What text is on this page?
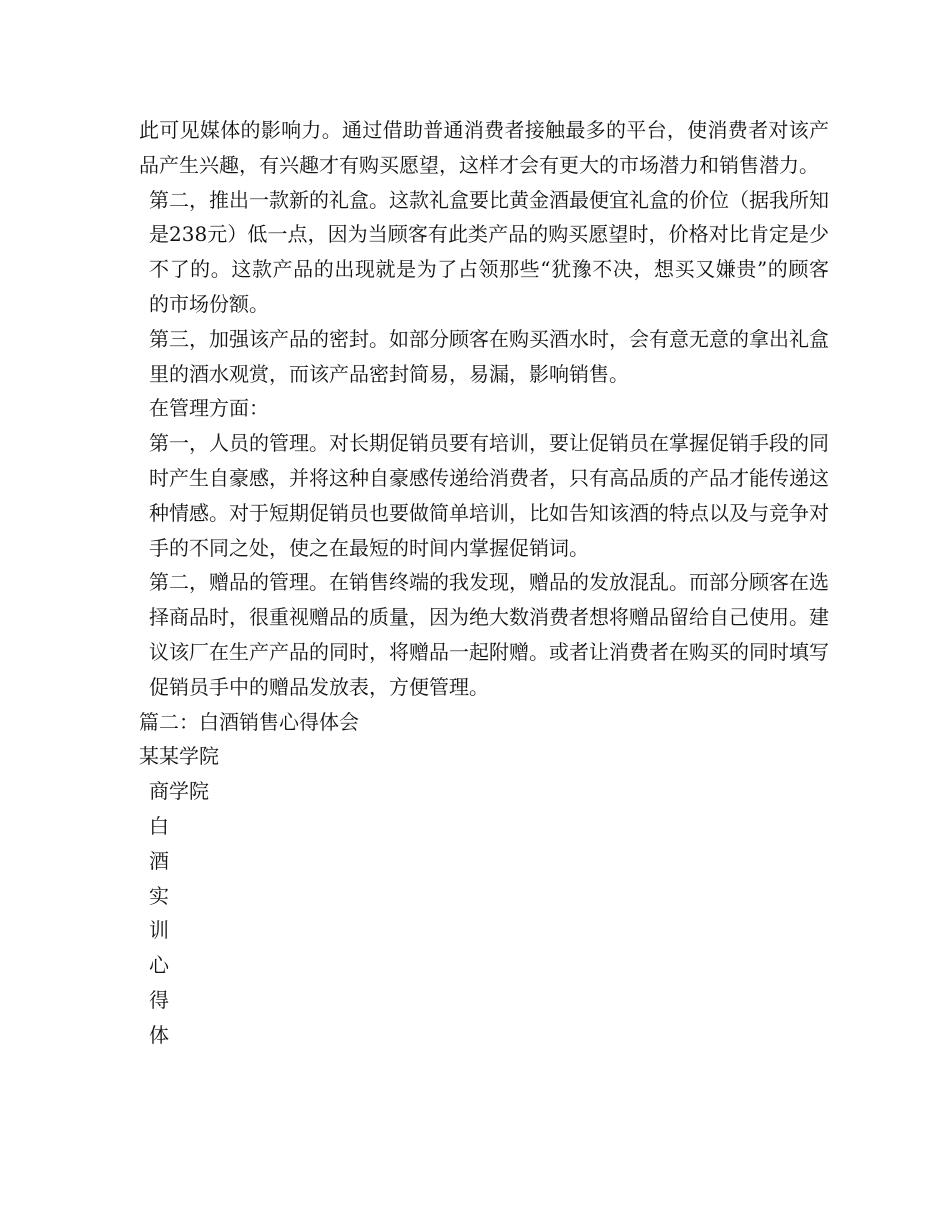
此可见媒体的影响力。通过借助普通消费者接触最多的平台，使消费者对该产品产生兴趣，有兴趣才有购买愿望，这样才会有更大的市场潜力和销售潜力。

第二，推出一款新的礼盒。这款礼盒要比黄金酒最便宜礼盒的价位（据我所知是238元）低一点，因为当顾客有此类产品的购买愿望时，价格对比肯定是少不了的。这款产品的出现就是为了占领那些“犹豫不决，想买又嫌贵”的顾客的市场份额。

第三，加强该产品的密封。如部分顾客在购买酒水时，会有意无意的拿出礼盒里的酒水观赏，而该产品密封简易，易漏，影响销售。

在管理方面：

第一，人员的管理。对长期促销员要有培训，要让促销员在掌握促销手段的同时产生自豪感，并将这种自豪感传递给消费者，只有高品质的产品才能传递这种情感。对于短期促销员也要做简单培训，比如告知该酒的特点以及与竞争对手的不同之处，使之在最短的时间内掌握促销词。

第二，赠品的管理。在销售终端的我发现，赠品的发放混乱。而部分顾客在选择商品时，很重视赠品的质量，因为绝大数消费者想将赠品留给自己使用。建议该厂在生产产品的同时，将赠品一起附赠。或者让消费者在购买的同时填写促销员手中的赠品发放表，方便管理。

篇二：白酒销售心得体会

某某学院

商学院

白

酒

实

训

心

得

体
